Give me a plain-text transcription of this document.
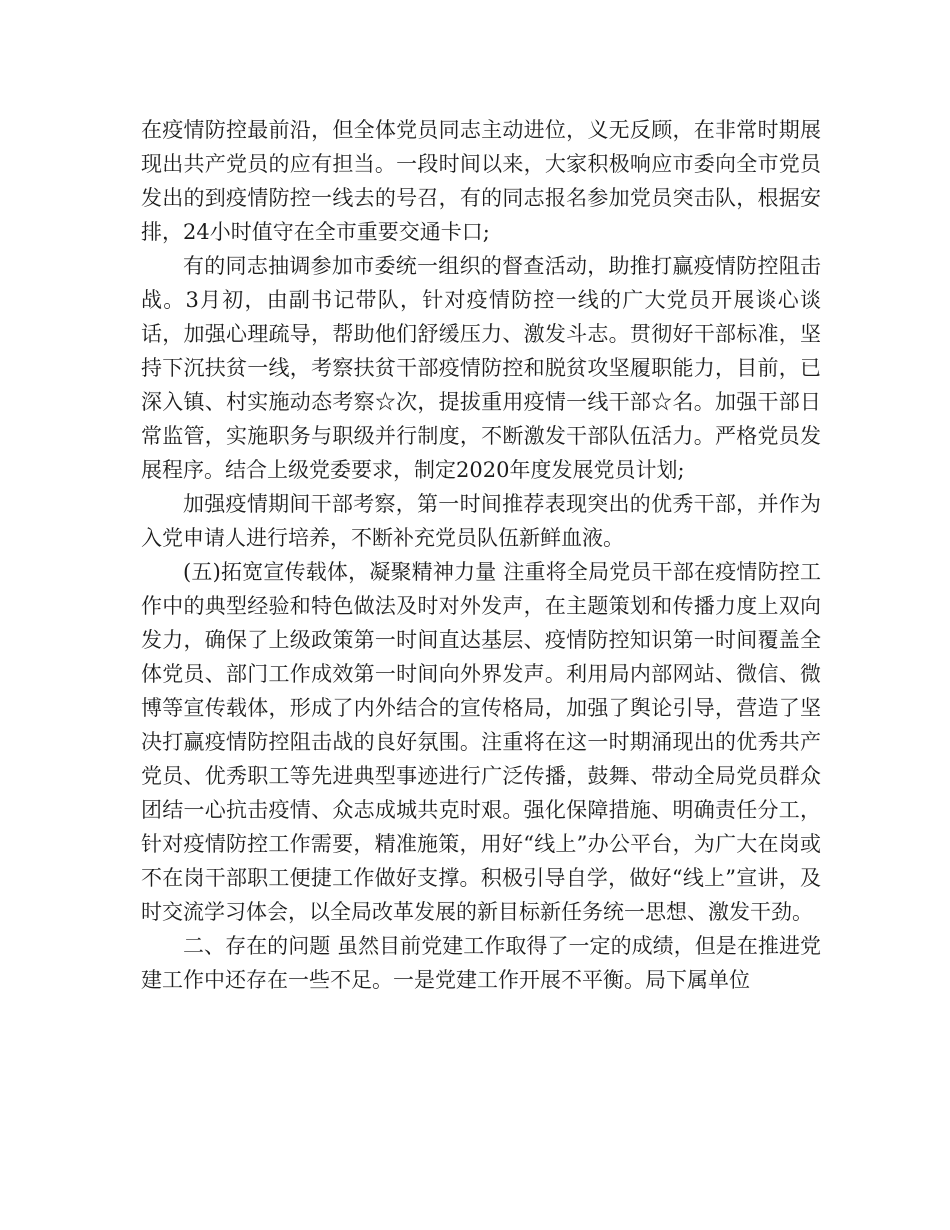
在疫情防控最前沿，但全体党员同志主动进位，义无反顾，在非常时期展现出共产党员的应有担当。一段时间以来，大家积极响应市委向全市党员发出的到疫情防控一线去的号召，有的同志报名参加党员突击队，根据安排，24小时值守在全市重要交通卡口;

有的同志抽调参加市委统一组织的督查活动，助推打赢疫情防控阻击战。3月初，由副书记带队，针对疫情防控一线的广大党员开展谈心谈话，加强心理疏导，帮助他们舒缓压力、激发斗志。贯彻好干部标准，坚持下沉扶贫一线，考察扶贫干部疫情防控和脱贫攻坚履职能力，目前，已深入镇、村实施动态考察☆次，提拔重用疫情一线干部☆名。加强干部日常监管，实施职务与职级并行制度，不断激发干部队伍活力。严格党员发展程序。结合上级党委要求，制定2020年度发展党员计划;

加强疫情期间干部考察，第一时间推荐表现突出的优秀干部，并作为入党申请人进行培养，不断补充党员队伍新鲜血液。

(五)拓宽宣传载体，凝聚精神力量 注重将全局党员干部在疫情防控工作中的典型经验和特色做法及时对外发声，在主题策划和传播力度上双向发力，确保了上级政策第一时间直达基层、疫情防控知识第一时间覆盖全体党员、部门工作成效第一时间向外界发声。利用局内部网站、微信、微博等宣传载体，形成了内外结合的宣传格局，加强了舆论引导，营造了坚决打赢疫情防控阻击战的良好氛围。注重将在这一时期涌现出的优秀共产党员、优秀职工等先进典型事迹进行广泛传播，鼓舞、带动全局党员群众团结一心抗击疫情、众志成城共克时艰。强化保障措施、明确责任分工，针对疫情防控工作需要，精准施策，用好“线上”办公平台，为广大在岗或不在岗干部职工便捷工作做好支撑。积极引导自学，做好“线上”宣讲，及时交流学习体会，以全局改革发展的新目标新任务统一思想、激发干劲。

二、存在的问题 虽然目前党建工作取得了一定的成绩，但是在推进党建工作中还存在一些不足。一是党建工作开展不平衡。局下属单位
